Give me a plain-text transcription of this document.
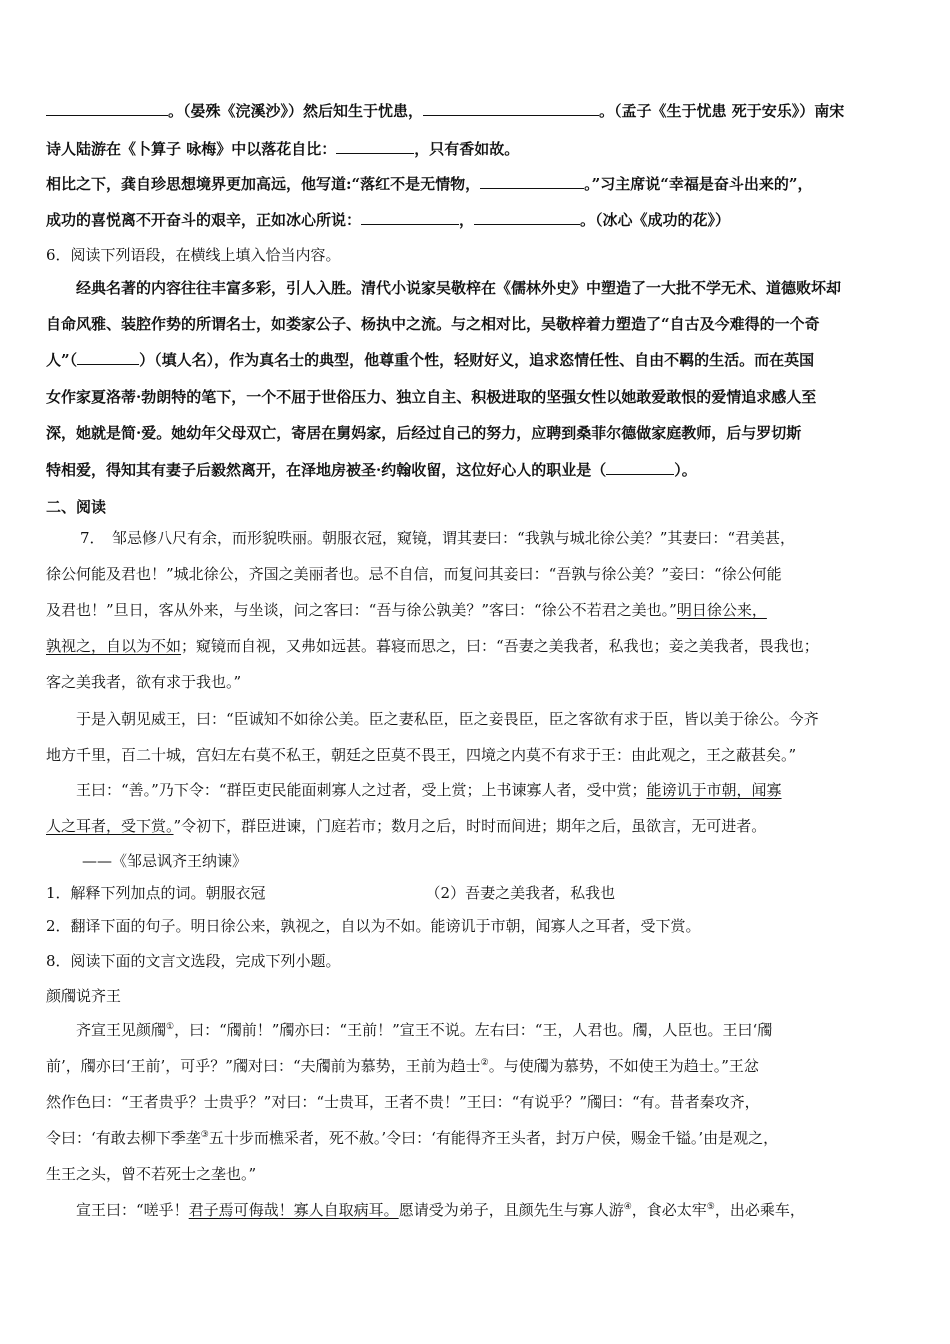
。（晏殊《浣溪沙》）然后知生于忧患，	。（孟子《生于忧患 死于安乐》）南宋
诗人陆游在《卜算子 咏梅》中以落花自比：	，只有香如故。
相比之下，龚自珍思想境界更加高远，他写道:“落红不是无情物，	。”习主席说“幸福是奋斗出来的”，
成功的喜悦离不开奋斗的艰辛，正如冰心所说：	，	。（冰心《成功的花》）
6．阅读下列语段，在横线上填入恰当内容。
经典名著的内容往往丰富多彩，引人入胜。清代小说家吴敬梓在《儒林外史》中塑造了一大批不学无术、道德败坏却
自命风雅、装腔作势的所谓名士，如娄家公子、杨执中之流。与之相对比，吴敬梓着力塑造了“自古及今难得的一个奇
人”（	）（填人名），作为真名士的典型，他尊重个性，轻财好义，追求恣情任性、自由不羁的生活。而在英国
女作家夏洛蒂·勃朗特的笔下，一个不屈于世俗压力、独立自主、积极进取的坚强女性以她敢爱敢恨的爱情追求感人至
深，她就是简·爱。她幼年父母双亡，寄居在舅妈家，后经过自己的努力，应聘到桑菲尔德做家庭教师，后与罗切斯
特相爱，得知其有妻子后毅然离开，在泽地房被圣·约翰收留，这位好心人的职业是（	）。
二、阅读
7．　邹忌修八尺有余，而形貌昳丽。朝服衣冠，窥镜，谓其妻曰：“我孰与城北徐公美？”其妻曰：“君美甚，
徐公何能及君也！”城北徐公，齐国之美丽者也。忌不自信，而复问其妾曰：“吾孰与徐公美？”妾曰：“徐公何能
及君也！”旦日，客从外来，与坐谈，问之客曰：“吾与徐公孰美？”客曰：“徐公不若君之美也。”明日徐公来，
孰视之，自以为不如；窥镜而自视，又弗如远甚。暮寝而思之，曰：“吾妻之美我者，私我也；妾之美我者，畏我也；
客之美我者，欲有求于我也。”
于是入朝见威王，曰：“臣诚知不如徐公美。臣之妻私臣，臣之妾畏臣，臣之客欲有求于臣，皆以美于徐公。今齐
地方千里，百二十城，宫妇左右莫不私王，朝廷之臣莫不畏王，四境之内莫不有求于王：由此观之，王之蔽甚矣。”
王曰：“善。”乃下令：“群臣吏民能面刺寡人之过者，受上赏；上书谏寡人者，受中赏；能谤讥于市朝，闻寡
人之耳者，受下赏。”令初下，群臣进谏，门庭若市；数月之后，时时而间进；期年之后，虽欲言，无可进者。
——《邹忌讽齐王纳谏》
1．解释下列加点的词。朝服衣冠	（2）吾妻之美我者，私我也
2．翻译下面的句子。明日徐公来，孰视之，自以为不如。能谤讥于市朝，闻寡人之耳者，受下赏。
8．阅读下面的文言文选段，完成下列小题。
颜斶说齐王
齐宣王见颜斶①，曰：“斶前！”斶亦曰：“王前！”宣王不说。左右曰：“王，人君也。斶，人臣也。王曰‘斶
前’，斶亦曰‘王前’，可乎？”斶对曰：“夫斶前为慕势，王前为趋士②。与使斶为慕势，不如使王为趋士。”王忿
然作色曰：“王者贵乎？士贵乎？”对曰：“士贵耳，王者不贵！”王曰：“有说乎？”斶曰：“有。昔者秦攻齐，
令曰：‘有敢去柳下季垄③五十步而樵采者，死不赦。’令曰：‘有能得齐王头者，封万户侯，赐金千镒。’由是观之，
生王之头，曾不若死士之垄也。”
宣王曰：“嗟乎！君子焉可侮哉！寡人自取病耳。愿请受为弟子，且颜先生与寡人游④，食必太牢⑤，出必乘车，
